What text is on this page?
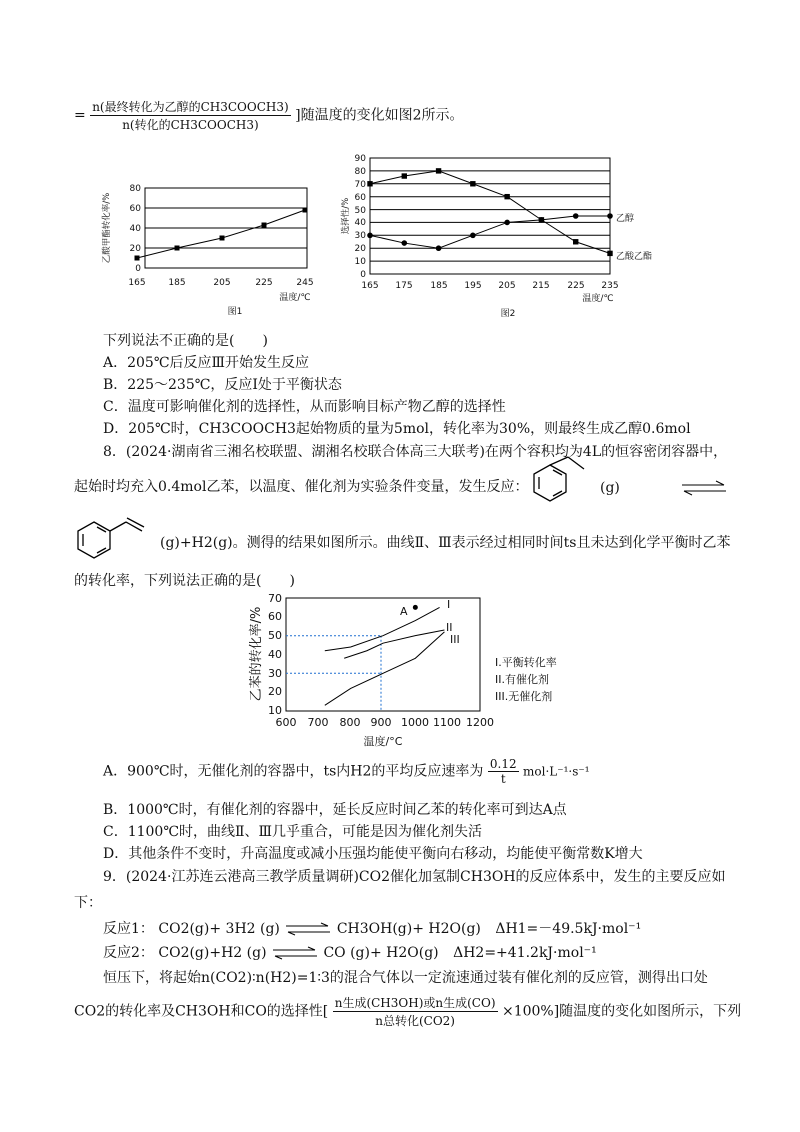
= $\frac{\text{n(最终转化为乙醇的CH3COOCH3)}}{\text{n(转化的CH3COOCH3)}}$ ]随温度的变化如图2所示。
0
20
40
60
80
165	185	205	225	245
温度/℃
图1
乙酸甲酯转化率/%
0
10
20
30
40
50
60
70
80
90
165 175 185 195 205 215 225 235
温度/℃
图2
选择性/%	乙醇
乙酸乙酯
下列说法不正确的是(　　)
A．205℃后反应Ⅲ开始发生反应
B．225～235℃，反应Ⅰ处于平衡状态
C．温度可影响催化剂的选择性，从而影响目标产物乙醇的选择性
D．205℃时，CH3COOCH3起始物质的量为5mol，转化率为30%，则最终生成乙醇0.6mol
8．(2024·湖南省三湘名校联盟、湖湘名校联合体高三大联考)在两个容积均为4L的恒容密闭容器中，
起始时均充入0.4mol乙苯，以温度、催化剂为实验条件变量，发生反应：	(g)
(g)+H2(g)。测得的结果如图所示。曲线Ⅱ、Ⅲ表示经过相同时间ts且未达到化学平衡时乙苯
的转化率，下列说法正确的是(　　)
10
20
30
40
50
60
70
600 700 800 900 1000 1100 1200
温度/°C
乙苯的转化率/%
I
II
III
A
I.平衡转化率
II.有催化剂
III.无催化剂
A．900℃时，无催化剂的容器中，ts内H2的平均反应速率为 $\frac{0.12}{t} mol\cdot L^{-1}\cdot s^{-1}$
B．1000℃时，有催化剂的容器中，延长反应时间乙苯的转化率可到达A点
C．1100℃时，曲线Ⅱ、Ⅲ几乎重合，可能是因为催化剂失活
D．其他条件不变时，升高温度或减小压强均能使平衡向右移动，均能使平衡常数K增大
9．(2024·江苏连云港高三教学质量调研)CO2催化加氢制CH3OH的反应体系中，发生的主要反应如
下：
反应1： CO2(g)+ 3H2 (g)	CH3OH(g)+ H2O(g) ΔH1=－49.5kJ·mol⁻¹
反应2： CO2(g)+H2 (g)	CO (g)+ H2O(g) ΔH2=+41.2kJ·mol⁻¹
恒压下，将起始n(CO2)∶n(H2)=1∶3的混合气体以一定流速通过装有催化剂的反应管，测得出口处
CO2的转化率及CH3OH和CO的选择性[ $\frac{\text{n生成(CH3OH)或n生成(CO)}}{\text{n总转化(CO2)}} \times 100\%$]随温度的变化如图所示，下列
